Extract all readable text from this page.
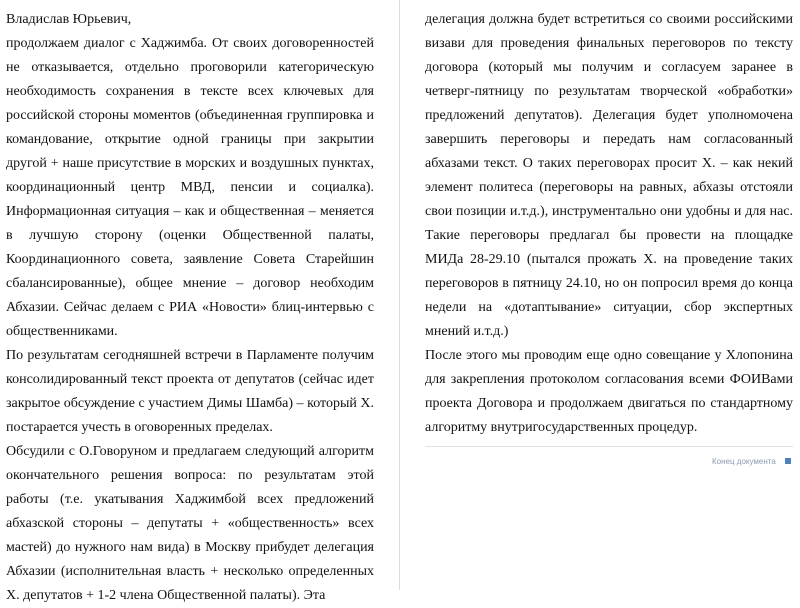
Владислав Юрьевич,

продолжаем диалог с Хаджимба. От своих договоренностей не отказывается, отдельно проговорили категорическую необходимость сохранения в тексте всех ключевых для российской стороны моментов (объединенная группировка и командование, открытие одной границы при закрытии другой + наше присутствие в морских и воздушных пунктах, координационный центр МВД, пенсии и социалка). Информационная ситуация – как и общественная – меняется в лучшую сторону (оценки Общественной палаты, Координационного совета, заявление Совета Старейшин сбалансированные), общее мнение – договор необходим Абхазии. Сейчас делаем с РИА «Новости» блиц-интервью с общественниками.

По результатам сегодняшней встречи в Парламенте получим консолидированный текст проекта от депутатов (сейчас идет закрытое обсуждение с участием Димы Шамба) – который Х. постарается учесть в оговоренных пределах.

Обсудили с О.Говоруном и предлагаем следующий алгоритм окончательного решения вопроса: по результатам этой работы (т.е. укатывания Хаджимбой всех предложений абхазской стороны – депутаты + «общественность» всех мастей) до нужного нам вида) в Москву прибудет делегация Абхазии (исполнительная власть + несколько определенных Х. депутатов + 1-2 члена Общественной палаты). Эта

делегация должна будет встретиться со своими российскими визави для проведения финальных переговоров по тексту договора (который мы получим и согласуем заранее в четверг-пятницу по результатам творческой «обработки» предложений депутатов). Делегация будет уполномочена завершить переговоры и передать нам согласованный абхазами текст. О таких переговорах просит Х. – как некий элемент политеса (переговоры на равных, абхазы отстояли свои позиции и.т.д.), инструментально они удобны и для нас. Такие переговоры предлагал бы провести на площадке МИДа 28-29.10 (пытался прожать Х. на проведение таких переговоров в пятницу 24.10, но он попросил время до конца недели на «дотаптывание» ситуации, сбор экспертных мнений и.т.д.)

После этого мы проводим еще одно совещание у Хлопонина для закрепления протоколом согласования всеми ФОИВами проекта Договора и продолжаем двигаться по стандартному алгоритму внутригосударственных процедур.

Конец документа
